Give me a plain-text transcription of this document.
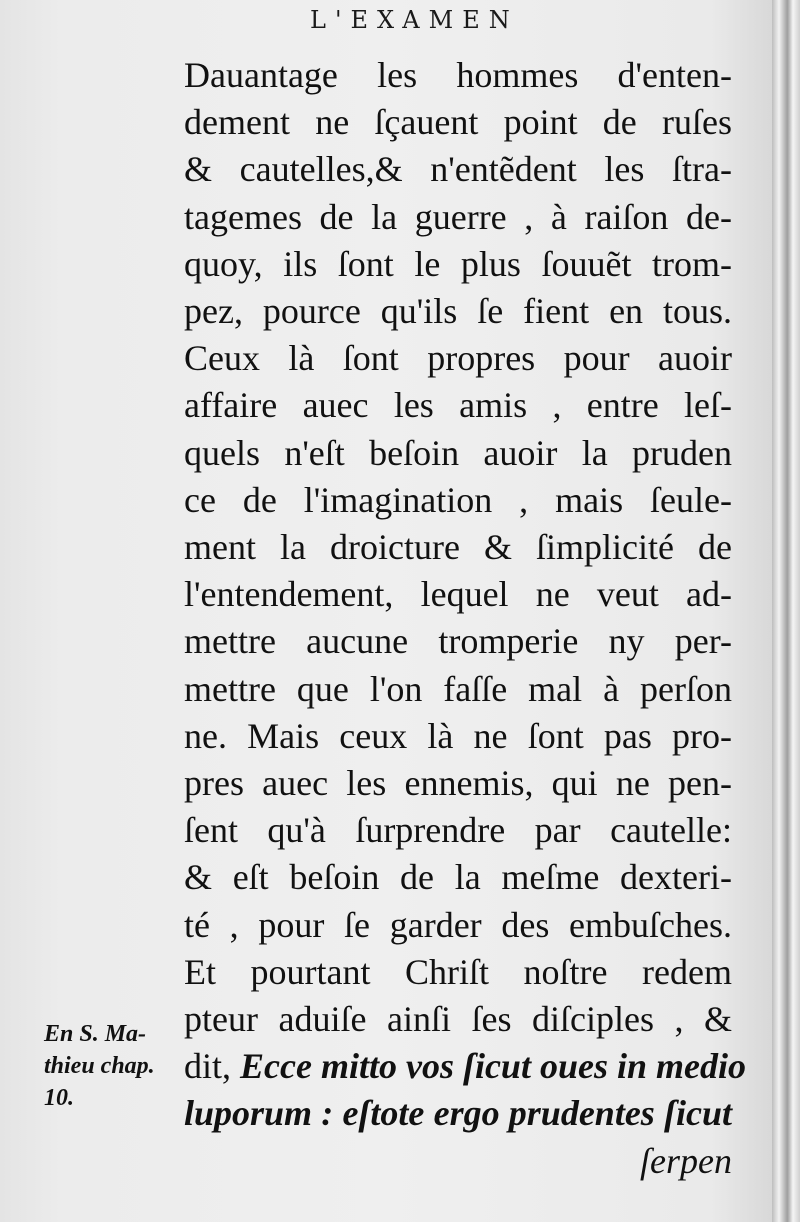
L'EXAMEN
Dauantage les hommes d'enten-
dement ne ſçauent point de ruſes
& cautelles,& n'entẽdent les ſtra-
tagemes de la guerre , à raiſon de-
quoy, ils ſont le plus ſouuẽt trom-
pez, pource qu'ils ſe fient en tous.
Ceux là ſont propres pour auoir
affaire auec les amis , entre leſ-
quels n'eſt beſoin auoir la pruden
ce de l'imagination , mais ſeule-
ment la droicture & ſimplicité de
l'entendement, lequel ne veut ad-
mettre aucune tromperie ny per-
mettre que l'on faſſe mal à perſon
ne. Mais ceux là ne ſont pas pro-
pres auec les ennemis, qui ne pen-
ſent qu'à ſurprendre par cautelle:
& eſt beſoin de la meſme dexteri-
té , pour ſe garder des embuſches.
Et pourtant Chriſt noſtre redem
pteur aduiſe ainſi ſes diſciples , &
dit, Ecce mitto vos ſicut oues in medio
luporum : eſtote ergo prudentes ſicut
ſerpen
En S. Ma-
thieu chap.
10.
